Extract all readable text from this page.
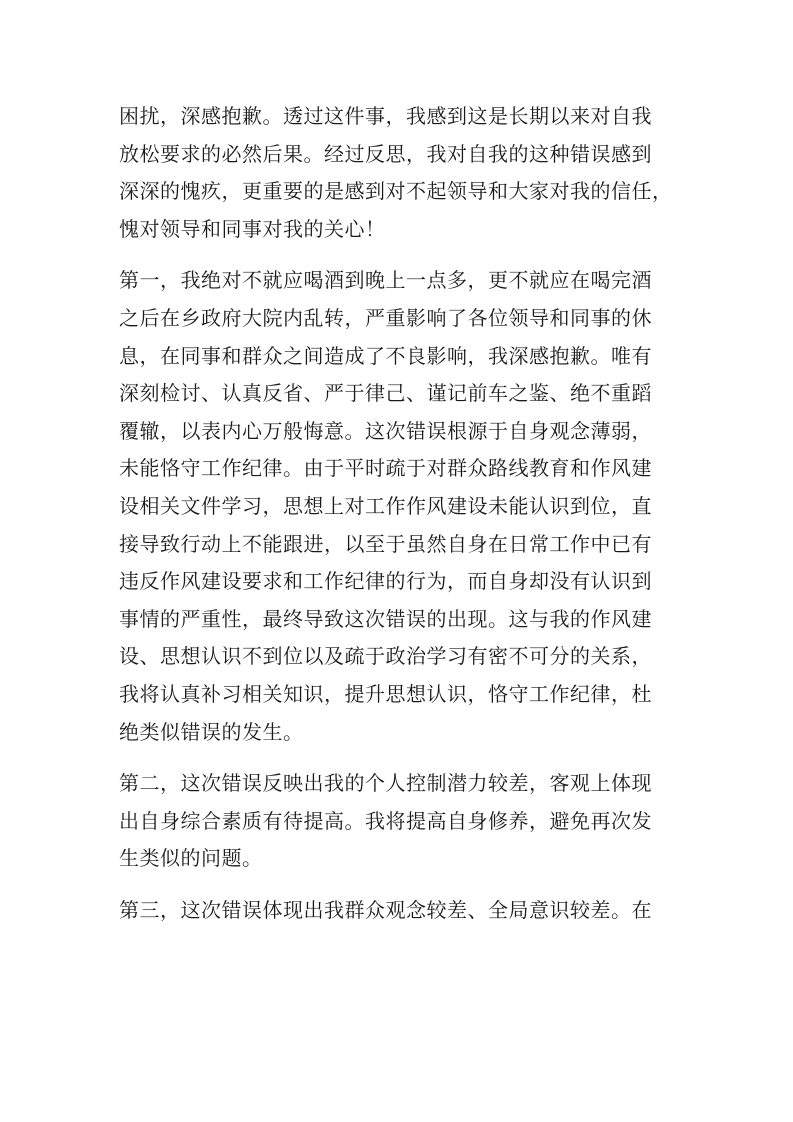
困扰，深感抱歉。透过这件事，我感到这是长期以来对自我
放松要求的必然后果。经过反思，我对自我的这种错误感到
深深的愧疚，更重要的是感到对不起领导和大家对我的信任，
愧对领导和同事对我的关心！
第一，我绝对不就应喝酒到晚上一点多，更不就应在喝完酒
之后在乡政府大院内乱转，严重影响了各位领导和同事的休
息，在同事和群众之间造成了不良影响，我深感抱歉。唯有
深刻检讨、认真反省、严于律己、谨记前车之鉴、绝不重蹈
覆辙，以表内心万般悔意。这次错误根源于自身观念薄弱，
未能恪守工作纪律。由于平时疏于对群众路线教育和作风建
设相关文件学习，思想上对工作作风建设未能认识到位，直
接导致行动上不能跟进，以至于虽然自身在日常工作中已有
违反作风建设要求和工作纪律的行为，而自身却没有认识到
事情的严重性，最终导致这次错误的出现。这与我的作风建
设、思想认识不到位以及疏于政治学习有密不可分的关系，
我将认真补习相关知识，提升思想认识，恪守工作纪律，杜
绝类似错误的发生。
第二，这次错误反映出我的个人控制潜力较差，客观上体现
出自身综合素质有待提高。我将提高自身修养，避免再次发
生类似的问题。
第三，这次错误体现出我群众观念较差、全局意识较差。在
